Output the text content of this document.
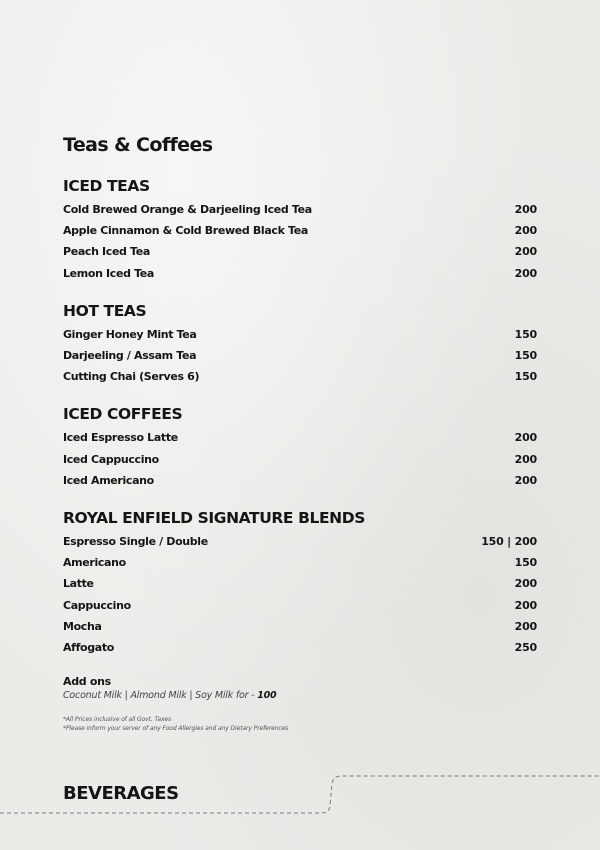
Teas & Coffees
ICED TEAS
Cold Brewed Orange & Darjeeling Iced Tea	200
Apple Cinnamon & Cold Brewed Black Tea	200
Peach Iced Tea	200
Lemon Iced Tea	200
HOT TEAS
Ginger Honey Mint Tea	150
Darjeeling / Assam Tea	150
Cutting Chai (Serves 6)	150
ICED COFFEES
Iced Espresso Latte	200
Iced Cappuccino	200
Iced Americano	200
ROYAL ENFIELD SIGNATURE BLENDS
Espresso Single / Double	150 | 200
Americano	150
Latte	200
Cappuccino	200
Mocha	200
Affogato	250
Add ons
Coconut Milk | Almond Milk | Soy Milk for - 100
*All Prices inclusive of all Govt. Taxes
*Please inform your server of any Food Allergies and any Dietary Preferences
BEVERAGES
